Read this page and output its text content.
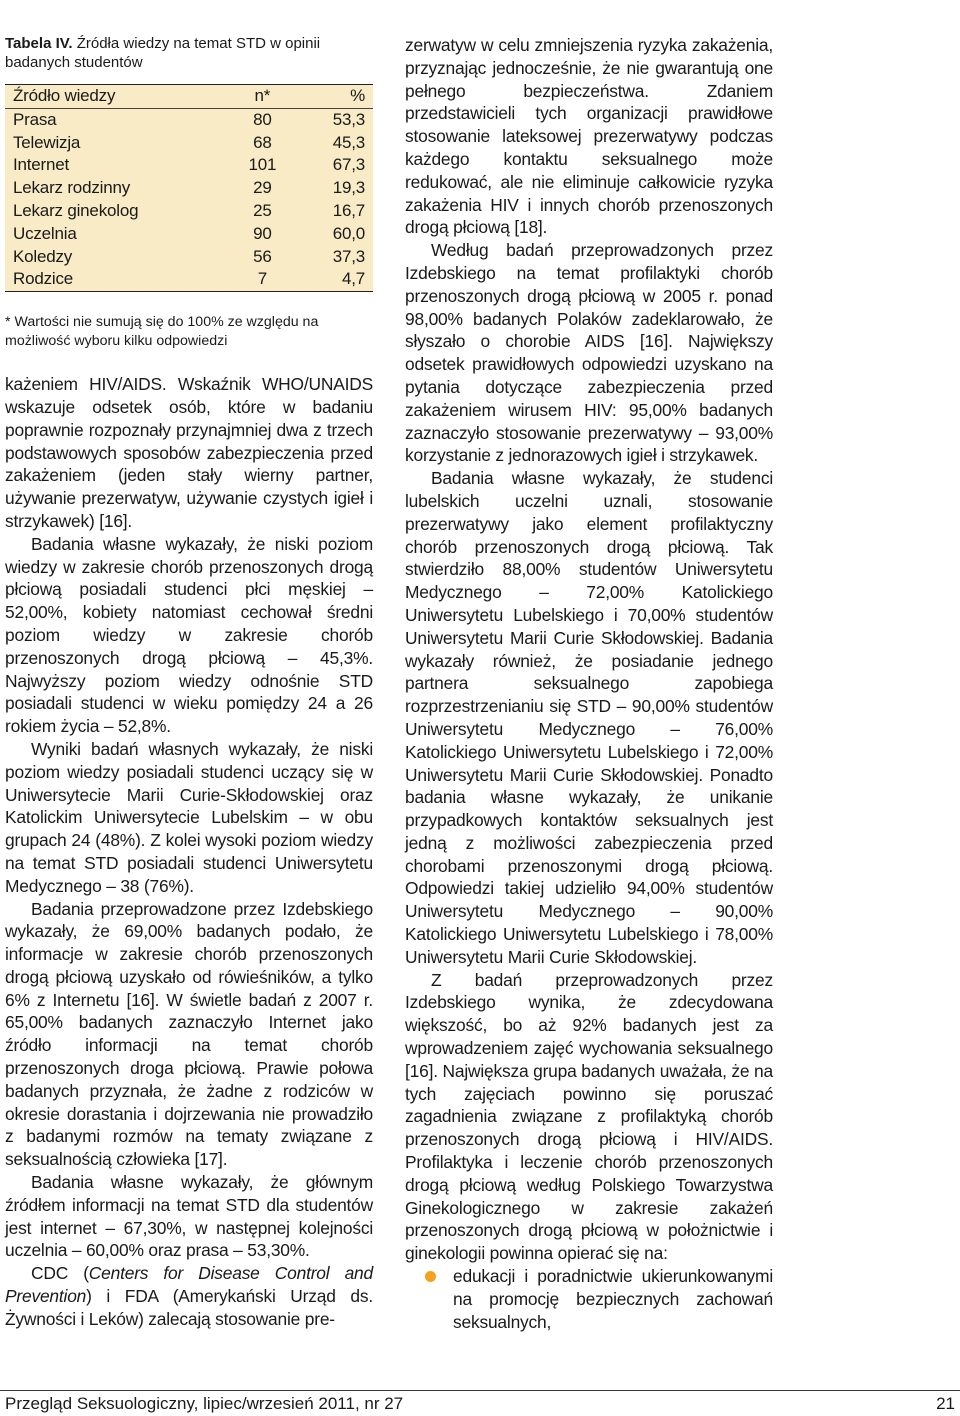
Tabela IV. Źródła wiedzy na temat STD w opinii badanych studentów
Źródło wiedzy	n*	%
Prasa	80	53,3
Telewizja	68	45,3
Internet	101	67,3
Lekarz rodzinny	29	19,3
Lekarz ginekolog	25	16,7
Uczelnia	90	60,0
Koledzy	56	37,3
Rodzice	7	4,7
* Wartości nie sumują się do 100% ze względu na możliwość wyboru kilku odpowiedzi

każeniem HIV/AIDS. Wskaźnik WHO/UNAIDS wskazuje odsetek osób, które w badaniu poprawnie rozpoznały przynajmniej dwa z trzech podstawowych sposobów zabezpieczenia przed zakażeniem (jeden stały wierny partner, używanie prezerwatyw, używanie czystych igieł i strzykawek) [16].

Badania własne wykazały, że niski poziom wiedzy w zakresie chorób przenoszonych drogą płciową posiadali studenci płci męskiej – 52,00%, kobiety natomiast cechował średni poziom wiedzy w zakresie chorób przenoszonych drogą płciową – 45,3%. Najwyższy poziom wiedzy odnośnie STD posiadali studenci w wieku pomiędzy 24 a 26 rokiem życia – 52,8%.

Wyniki badań własnych wykazały, że niski poziom wiedzy posiadali studenci uczący się w Uniwersytecie Marii Curie-Skłodowskiej oraz Katolickim Uniwersytecie Lubelskim – w obu grupach 24 (48%). Z kolei wysoki poziom wiedzy na temat STD posiadali studenci Uniwersytetu Medycznego – 38 (76%).

Badania przeprowadzone przez Izdebskiego wykazały, że 69,00% badanych podało, że informacje w zakresie chorób przenoszonych drogą płciową uzyskało od rówieśników, a tylko 6% z Internetu [16]. W świetle badań z 2007 r. 65,00% badanych zaznaczyło Internet jako źródło informacji na temat chorób przenoszonych droga płciową. Prawie połowa badanych przyznała, że żadne z rodziców w okresie dorastania i dojrzewania nie prowadziło z badanymi rozmów na tematy związane z seksualnością człowieka [17].

Badania własne wykazały, że głównym źródłem informacji na temat STD dla studentów jest internet – 67,30%, w następnej kolejności uczelnia – 60,00% oraz prasa – 53,30%.

CDC (Centers for Disease Control and Prevention) i FDA (Amerykański Urząd ds. Żywności i Leków) zalecają stosowanie pre-

zerwatyw w celu zmniejszenia ryzyka zakażenia, przyznając jednocześnie, że nie gwarantują one pełnego bezpieczeństwa. Zdaniem przedstawicieli tych organizacji prawidłowe stosowanie lateksowej prezerwatywy podczas każdego kontaktu seksualnego może redukować, ale nie eliminuje całkowicie ryzyka zakażenia HIV i innych chorób przenoszonych drogą płciową [18].

Według badań przeprowadzonych przez Izdebskiego na temat profilaktyki chorób przenoszonych drogą płciową w 2005 r. ponad 98,00% badanych Polaków zadeklarowało, że słyszało o chorobie AIDS [16]. Największy odsetek prawidłowych odpowiedzi uzyskano na pytania dotyczące zabezpieczenia przed zakażeniem wirusem HIV: 95,00% badanych zaznaczyło stosowanie prezerwatywy – 93,00% korzystanie z jednorazowych igieł i strzykawek.

Badania własne wykazały, że studenci lubelskich uczelni uznali, stosowanie prezerwatywy jako element profilaktyczny chorób przenoszonych drogą płciową. Tak stwierdziło 88,00% studentów Uniwersytetu Medycznego – 72,00% Katolickiego Uniwersytetu Lubelskiego i 70,00% studentów Uniwersytetu Marii Curie Skłodowskiej. Badania wykazały również, że posiadanie jednego partnera seksualnego zapobiega rozprzestrzenianiu się STD – 90,00% studentów Uniwersytetu Medycznego – 76,00% Katolickiego Uniwersytetu Lubelskiego i 72,00% Uniwersytetu Marii Curie Skłodowskiej. Ponadto badania własne wykazały, że unikanie przypadkowych kontaktów seksualnych jest jedną z możliwości zabezpieczenia przed chorobami przenoszonymi drogą płciową. Odpowiedzi takiej udzieliło 94,00% studentów Uniwersytetu Medycznego – 90,00% Katolickiego Uniwersytetu Lubelskiego i 78,00% Uniwersytetu Marii Curie Skłodowskiej.

Z badań przeprowadzonych przez Izdebskiego wynika, że zdecydowana większość, bo aż 92% badanych jest za wprowadzeniem zajęć wychowania seksualnego [16]. Największa grupa badanych uważała, że na tych zajęciach powinno się poruszać zagadnienia związane z profilaktyką chorób przenoszonych drogą płciową i HIV/AIDS. Profilaktyka i leczenie chorób przenoszonych drogą płciową według Polskiego Towarzystwa Ginekologicznego w zakresie zakażeń przenoszonych drogą płciową w położnictwie i ginekologii powinna opierać się na:

edukacji i poradnictwie ukierunkowanymi na promocję bezpiecznych zachowań seksualnych,
Przegląd Seksuologiczny, lipiec/wrzesień 2011, nr 27	21
